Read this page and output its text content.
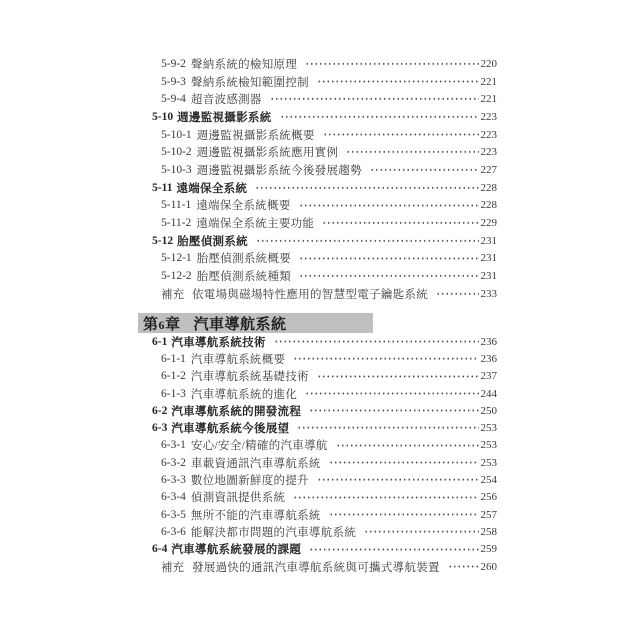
5-9-2 聲納系統的檢知原理	220
5-9-3 聲納系統檢知範圍控制	221
5-9-4 超音波感測器	221
5-10 週邊監視攝影系統	223
5-10-1 週邊監視攝影系統概要	223
5-10-2 週邊監視攝影系統應用實例	223
5-10-3 週邊監視攝影系統今後發展趨勢	227
5-11 遠端保全系統	228
5-11-1 遠端保全系統概要	228
5-11-2 遠端保全系統主要功能	229
5-12 胎壓偵測系統	231
5-12-1 胎壓偵測系統概要	231
5-12-2 胎壓偵測系統種類	231
補充 依電場與磁場特性應用的智慧型電子鑰匙系統	233
第6章 汽車導航系統
6-1 汽車導航系統技術	236
6-1-1 汽車導航系統概要	236
6-1-2 汽車導航系統基礎技術	237
6-1-3 汽車導航系統的進化	244
6-2 汽車導航系統的開發流程	250
6-3 汽車導航系統今後展望	253
6-3-1 安心/安全/精確的汽車導航	253
6-3-2 車載資通訊汽車導航系統	253
6-3-3 數位地圖新鮮度的提升	254
6-3-4 偵測資訊提供系統	256
6-3-5 無所不能的汽車導航系統	257
6-3-6 能解決都市問題的汽車導航系統	258
6-4 汽車導航系統發展的課題	259
補充 發展過快的通訊汽車導航系統與可攜式導航裝置	260
